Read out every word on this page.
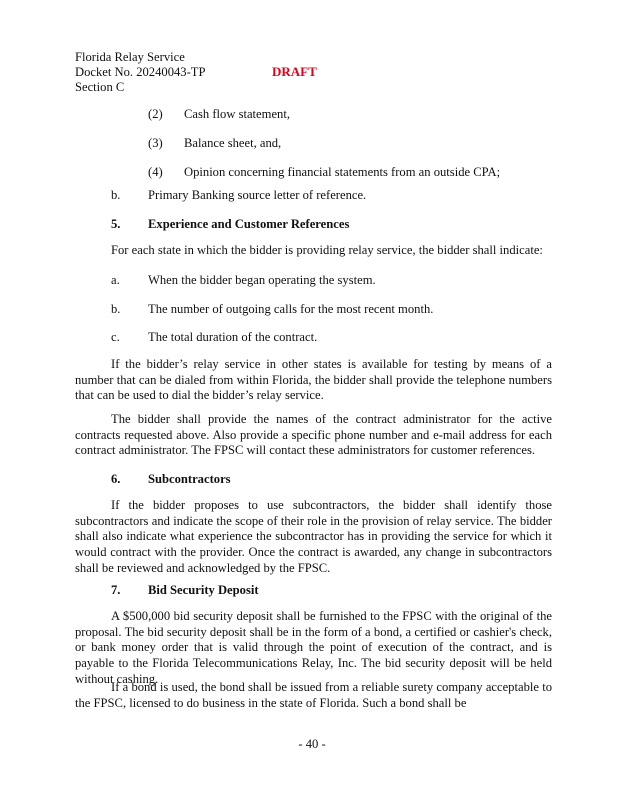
Florida Relay Service
Docket No. 20240043-TP
Section C
DRAFT
(2) Cash flow statement,
(3) Balance sheet, and,
(4) Opinion concerning financial statements from an outside CPA;
b. Primary Banking source letter of reference.
5. Experience and Customer References
For each state in which the bidder is providing relay service, the bidder shall indicate:
a. When the bidder began operating the system.
b. The number of outgoing calls for the most recent month.
c. The total duration of the contract.
If the bidder’s relay service in other states is available for testing by means of a number that can be dialed from within Florida, the bidder shall provide the telephone numbers that can be used to dial the bidder’s relay service.
The bidder shall provide the names of the contract administrator for the active contracts requested above. Also provide a specific phone number and e-mail address for each contract administrator. The FPSC will contact these administrators for customer references.
6. Subcontractors
If the bidder proposes to use subcontractors, the bidder shall identify those subcontractors and indicate the scope of their role in the provision of relay service. The bidder shall also indicate what experience the subcontractor has in providing the service for which it would contract with the provider. Once the contract is awarded, any change in subcontractors shall be reviewed and acknowledged by the FPSC.
7. Bid Security Deposit
A $500,000 bid security deposit shall be furnished to the FPSC with the original of the proposal. The bid security deposit shall be in the form of a bond, a certified or cashier's check, or bank money order that is valid through the point of execution of the contract, and is payable to the Florida Telecommunications Relay, Inc. The bid security deposit will be held without cashing.
If a bond is used, the bond shall be issued from a reliable surety company acceptable to the FPSC, licensed to do business in the state of Florida. Such a bond shall be
- 40 -
